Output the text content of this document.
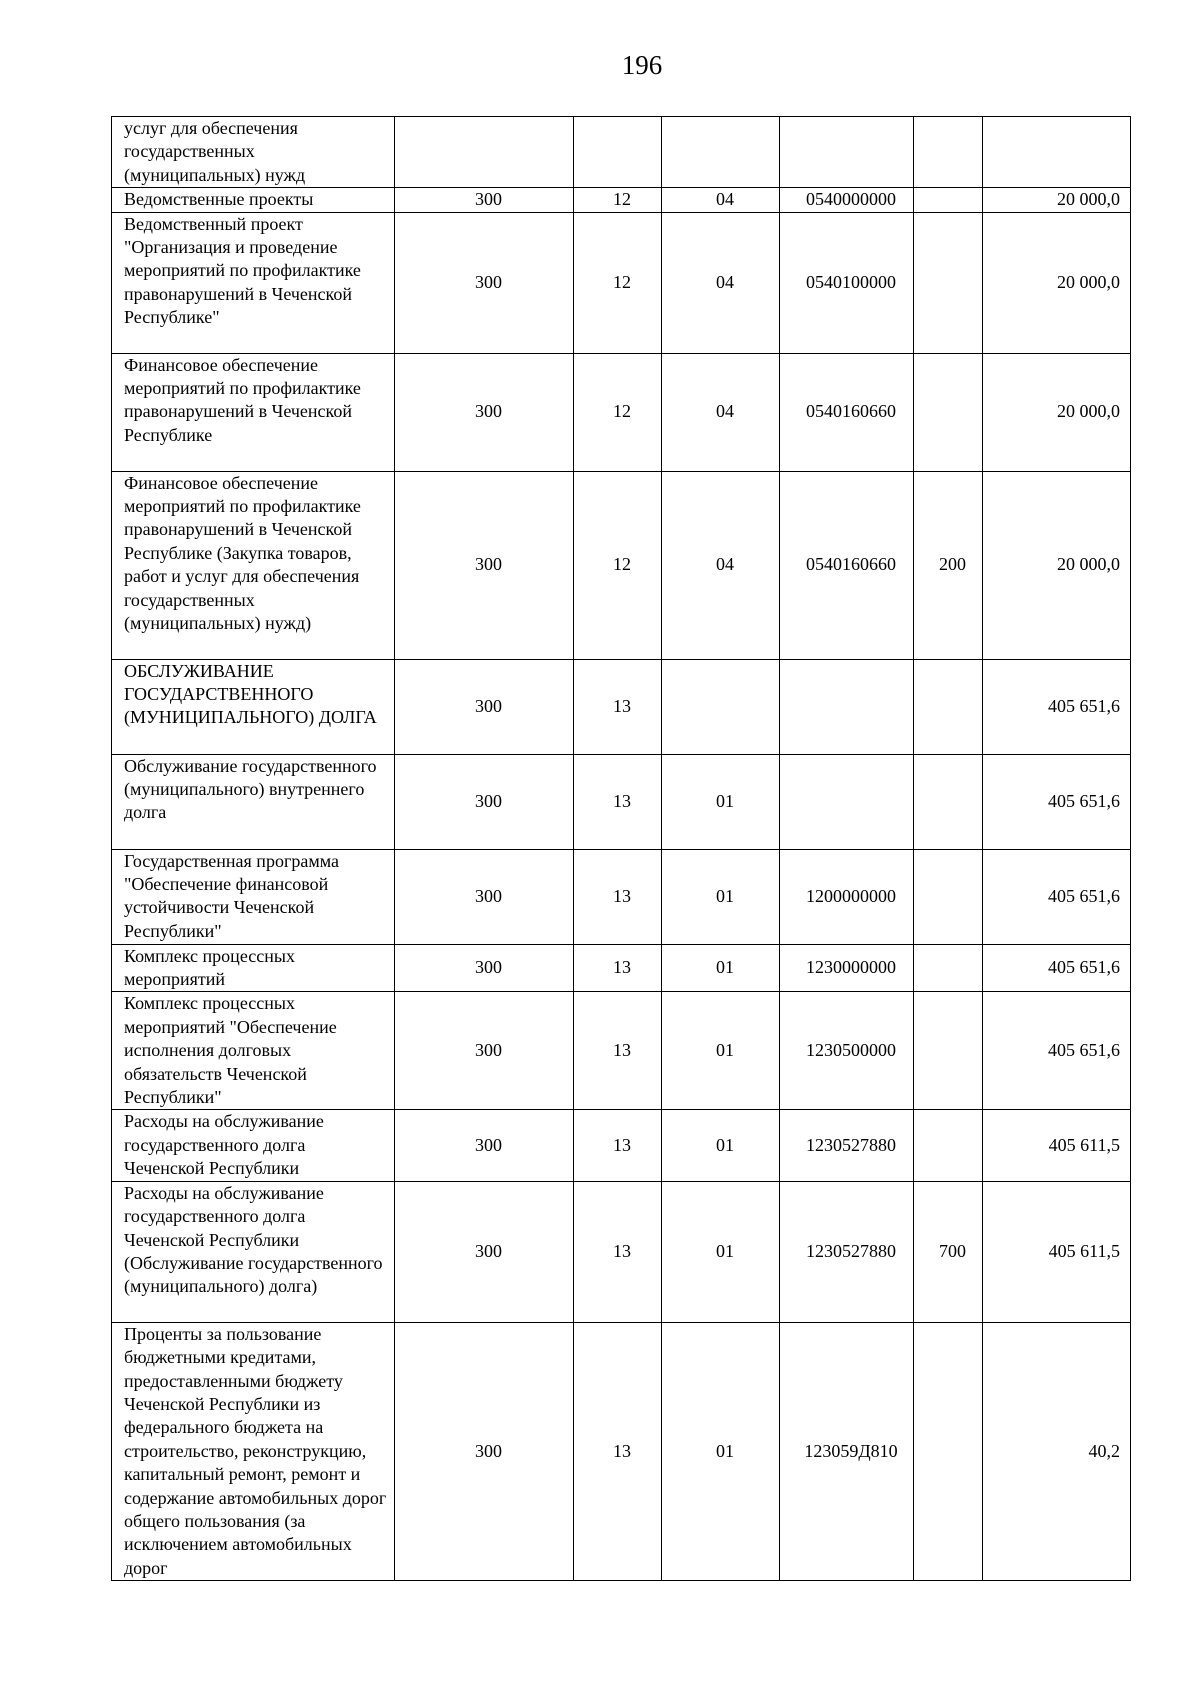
196
услуг для обеспечения государственных (муниципальных) нужд						
Ведомственные проекты	300	12	04	0540000000		20 000,0
Ведомственный проект "Организация и проведение мероприятий по профилактике правонарушений в Чеченской Республике"	300	12	04	0540100000		20 000,0
Финансовое обеспечение мероприятий по профилактике правонарушений в Чеченской Республике	300	12	04	0540160660		20 000,0
Финансовое обеспечение мероприятий по профилактике правонарушений в Чеченской Республике (Закупка товаров, работ и услуг для обеспечения государственных (муниципальных) нужд)	300	12	04	0540160660	200	20 000,0
ОБСЛУЖИВАНИЕ ГОСУДАРСТВЕННОГО (МУНИЦИПАЛЬНОГО) ДОЛГА	300	13				405 651,6
Обслуживание государственного (муниципального) внутреннего долга	300	13	01			405 651,6
Государственная программа "Обеспечение финансовой устойчивости Чеченской Республики"	300	13	01	1200000000		405 651,6
Комплекс процессных мероприятий	300	13	01	1230000000		405 651,6
Комплекс процессных мероприятий "Обеспечение исполнения долговых обязательств Чеченской Республики"	300	13	01	1230500000		405 651,6
Расходы на обслуживание государственного долга Чеченской Республики	300	13	01	1230527880		405 611,5
Расходы на обслуживание государственного долга Чеченской Республики (Обслуживание государственного (муниципального) долга)	300	13	01	1230527880	700	405 611,5
Проценты за пользование бюджетными кредитами, предоставленными бюджету Чеченской Республики из федерального бюджета на строительство, реконструкцию, капитальный ремонт, ремонт и содержание автомобильных дорог общего пользования (за исключением автомобильных дорог	300	13	01	123059Д810		40,2
